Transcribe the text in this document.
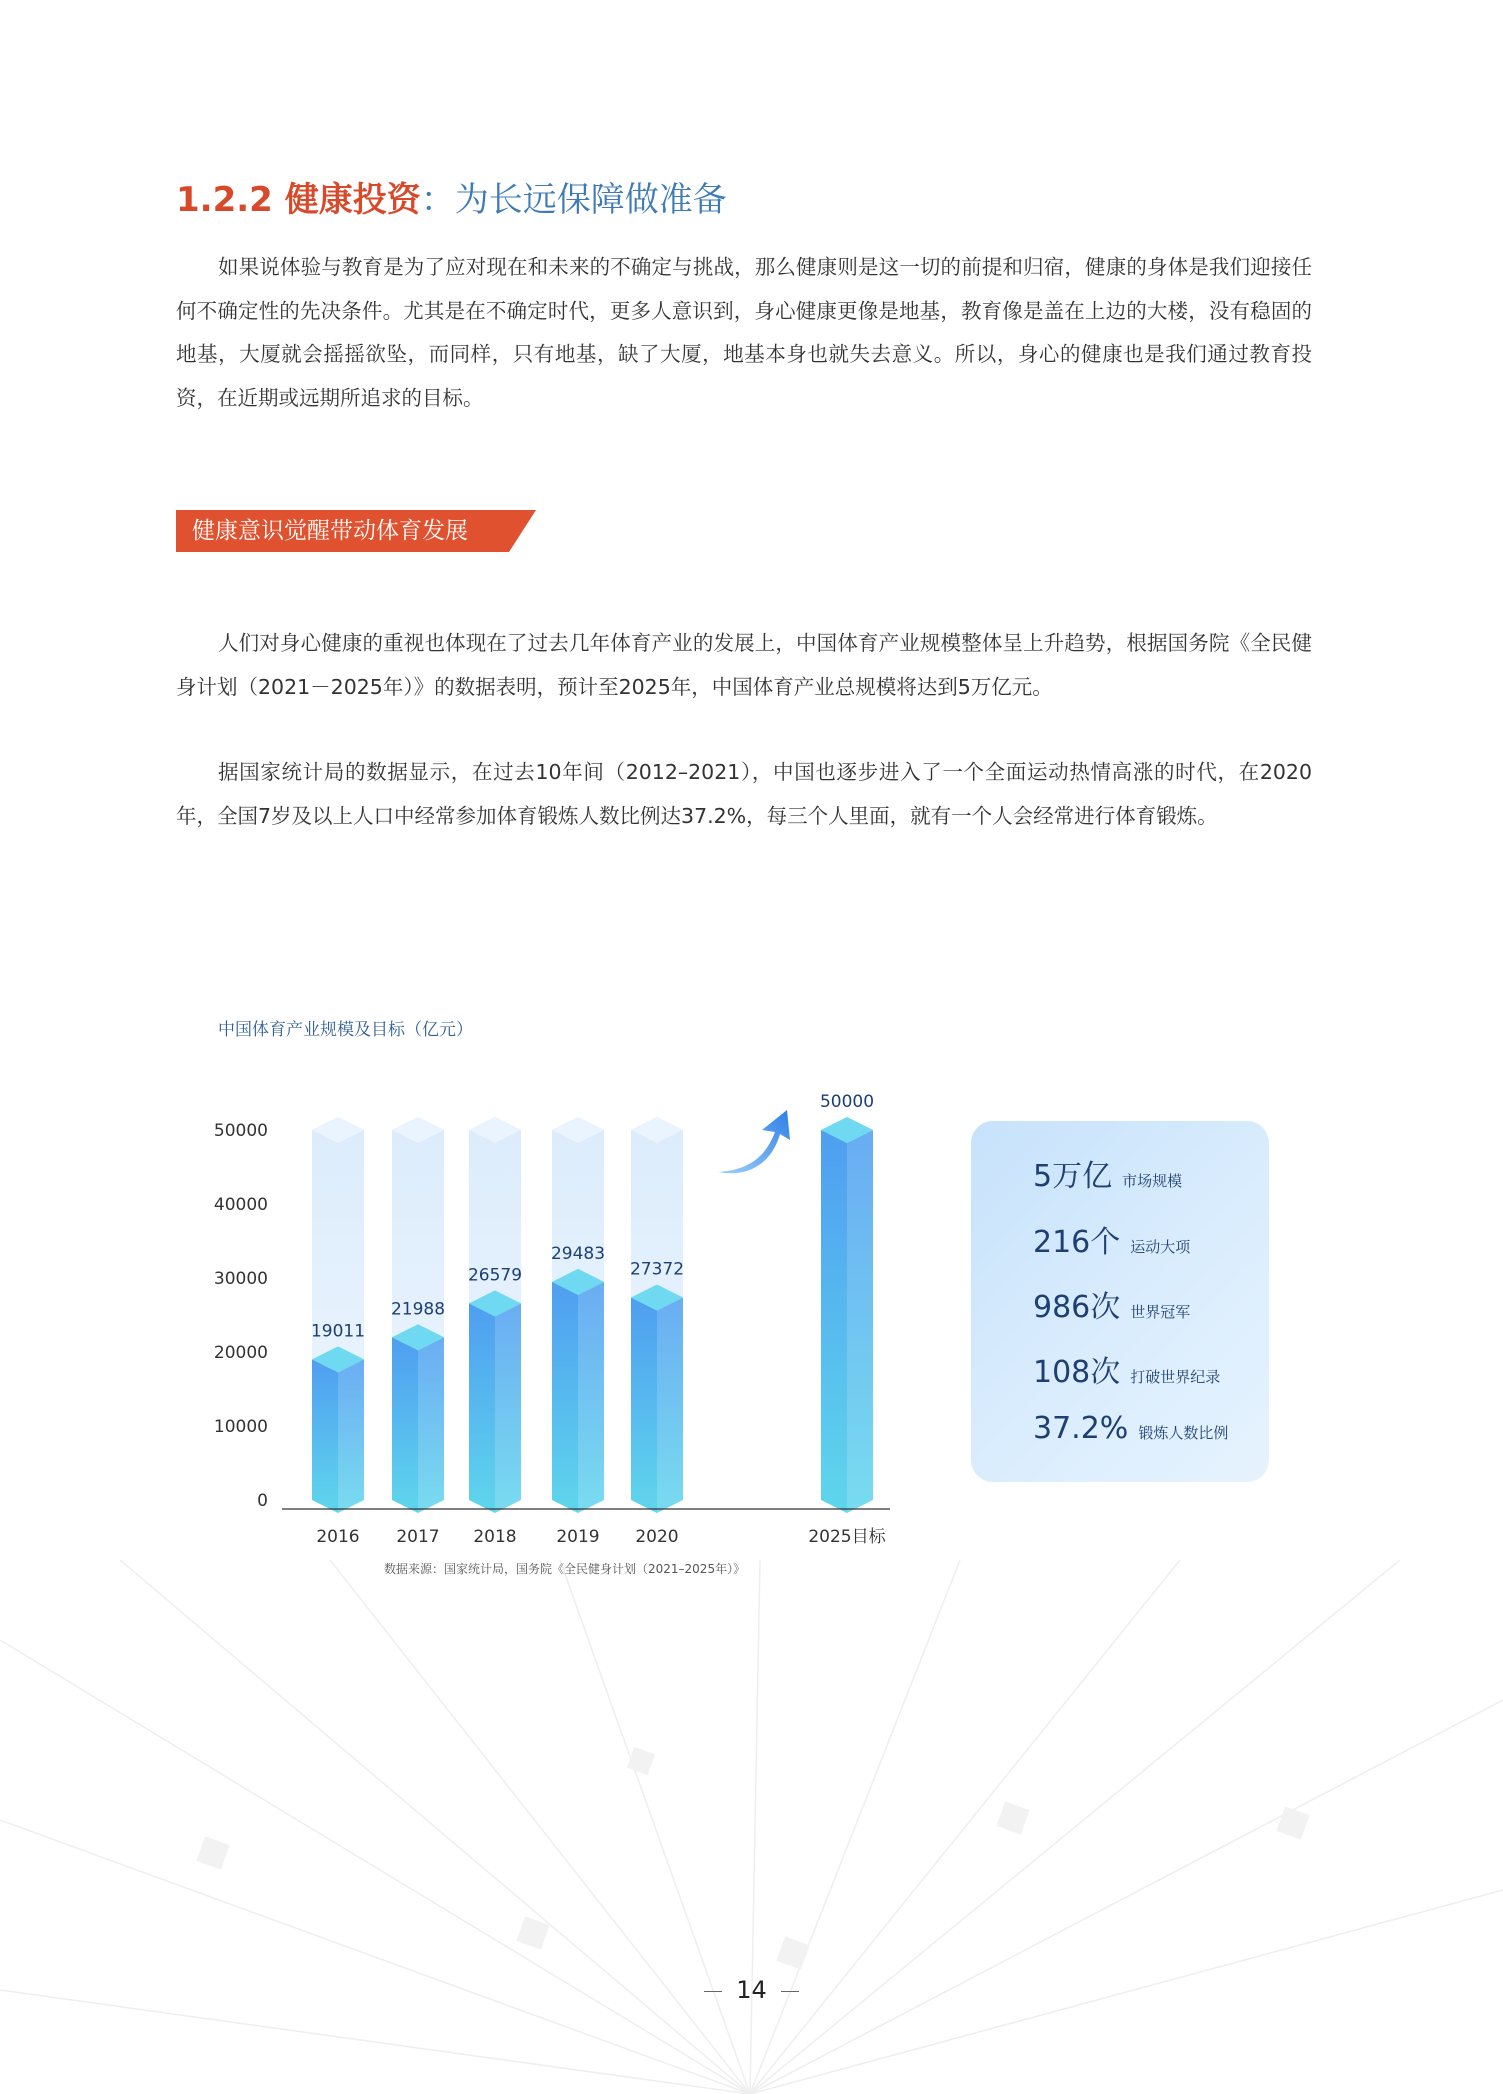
1.2.2 健康投资：为长远保障做准备

如果说体验与教育是为了应对现在和未来的不确定与挑战，那么健康则是这一切的前提和归宿，健康的身体是我们迎接任何不确定性的先决条件。尤其是在不确定时代，更多人意识到，身心健康更像是地基，教育像是盖在上边的大楼，没有稳固的地基，大厦就会摇摇欲坠，而同样，只有地基，缺了大厦，地基本身也就失去意义。所以，身心的健康也是我们通过教育投资，在近期或远期所追求的目标。

健康意识觉醒带动体育发展

人们对身心健康的重视也体现在了过去几年体育产业的发展上，中国体育产业规模整体呈上升趋势，根据国务院《全民健身计划（2021－2025年）》的数据表明，预计至2025年，中国体育产业总规模将达到5万亿元。

据国家统计局的数据显示，在过去10年间（2012–2021），中国也逐步进入了一个全面运动热情高涨的时代，在2020年，全国7岁及以上人口中经常参加体育锻炼人数比例达37.2%，每三个人里面，就有一个人会经常进行体育锻炼。

中国体育产业规模及目标（亿元）
0
10000
20000
30000
40000
50000
19011
21988
26579
29483
27372
50000
2016 2017 2018 2019 2020	2025目标
数据来源：国家统计局，国务院《全民健身计划（2021–2025年）》
5万亿 市场规模
216个 运动大项
986次 世界冠军
108次 打破世界纪录
37.2% 锻炼人数比例
14
